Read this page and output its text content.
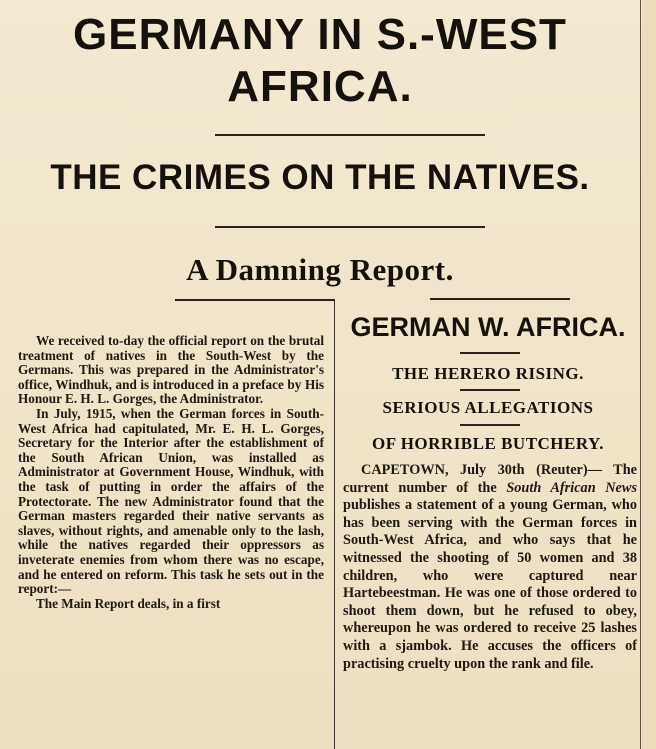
GERMANY IN S.-WEST
AFRICA.
THE CRIMES ON THE NATIVES.
A Damning Report.

We received to-day the official report on the brutal treatment of natives in the South-West by the Germans. This was prepared in the Administrator's office, Windhuk, and is introduced in a preface by His Honour E. H. L. Gorges, the Administrator.

In July, 1915, when the German forces in South-West Africa had capitulated, Mr. E. H. L. Gorges, Secretary for the Interior after the establishment of the South African Union, was installed as Administrator at Government House, Windhuk, with the task of putting in order the affairs of the Protectorate. The new Administrator found that the German masters regarded their native servants as slaves, without rights, and amenable only to the lash, while the natives regarded their oppressors as inveterate enemies from whom there was no escape, and he entered on reform. This task he sets out in the report:—

The Main Report deals, in a first

GERMAN W. AFRICA.
THE HERERO RISING.
SERIOUS ALLEGATIONS
OF HORRIBLE BUTCHERY.

CAPETOWN, July 30th (Reuter)— The current number of the South African News publishes a statement of a young German, who has been serving with the German forces in South-West Africa, and who says that he witnessed the shooting of 50 women and 38 children, who were captured near Hartebeestman. He was one of those ordered to shoot them down, but he refused to obey, whereupon he was ordered to receive 25 lashes with a sjambok. He accuses the officers of practising cruelty upon the rank and file.
